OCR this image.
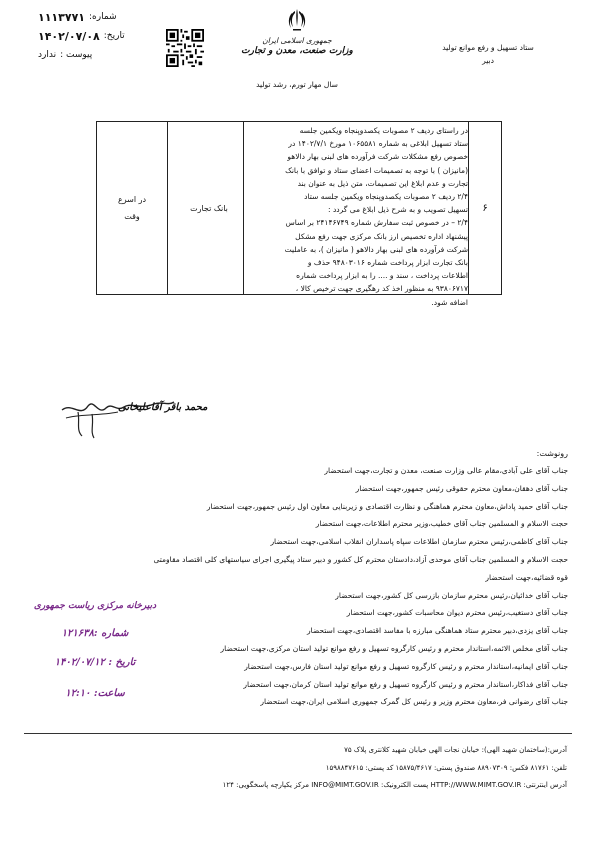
شماره:
۱۱۱۳۷۷۱
تاریخ:
۱۴۰۲/۰۷/۰۸
پیوست :
ندارد
جمهوری اسلامی ایران
وزارت صنعت، معدن و تجارت
سال مهار تورم، رشد تولید
ستاد تسهیل و رفع موانع تولید
دبیر
۶
در راستای ردیف ۲ مصوبات یکصدوپنجاه ویکمین جلسه
ستاد تسهیل ابلاغی به شماره ۱۰۶۵۵۸۱ مورخ ۱۴۰۲/۷/۱ در
خصوص رفع مشکلات شرکت فرآورده های لبنی بهار دالاهو
(مانیزان ) با توجه به تصمیمات اعضای ستاد و توافق با بانک
تجارت و عدم ابلاغ این تصمیمات، متن ذیل به عنوان بند
۲/۴ ردیف ۲ مصوبات یکصدوپنجاه ویکمین جلسه ستاد
تسهیل تصویب و به شرح ذیل ابلاغ می گردد :
۲/۴ – در خصوص ثبت سفارش شماره ۲۴۱۴۶۷۴۹ بر اساس
پیشنهاد اداره تخصیص ارز بانک مرکزی جهت رفع مشکل
شرکت فرآورده های لبنی بهار دالاهو ( مانیزان )، به عاملیت
بانک تجارت ابزار پرداخت شماره ۹۴۸۰۳۰۱۶ حذف و
اطلاعات پرداخت ، سند و .... را به ابزار پرداخت شماره
۹۳۸۰۶۷۱۷ به منظور اخذ کد رهگیری جهت ترخیص کالا ،
اضافه شود.
بانک تجارت
در اسرع
وقت
محمد باقر آقاعلیخانی
رونوشت:
جناب آقای علی آبادی،مقام عالی وزارت صنعت، معدن و تجارت،جهت استحضار
جناب آقای دهقان،معاون محترم حقوقی رئیس جمهور،جهت استحضار
جناب آقای حمید پاداش،معاون محترم هماهنگی و نظارت اقتصادی و زیربنایی معاون اول رئیس جمهور،جهت استحضار
حجت الاسلام و المسلمین جناب آقای خطیب،وزیر محترم اطلاعات،جهت استحضار
جناب آقای کاظمی،رئیس محترم سازمان اطلاعات سپاه پاسداران انقلاب اسلامی،جهت استحضار
حجت الاسلام و المسلمین جناب آقای موحدی آزاد،دادستان محترم کل کشور و دبیر ستاد پیگیری اجرای سیاستهای کلی اقتصاد مقاومتی
قوه قضائیه،جهت استحضار
جناب آقای خدائیان،رئیس محترم سازمان بازرسی کل کشور،جهت استحضار
جناب آقای دستغیب،رئیس محترم دیوان محاسبات کشور،جهت استحضار
جناب آقای یزدی،دبیر محترم ستاد هماهنگی مبارزه با مفاسد اقتصادی،جهت استحضار
جناب آقای مخلص الائمه،استاندار محترم و رئیس کارگروه تسهیل و رفع موانع تولید استان مرکزی،جهت استحضار
جناب آقای ایمانیه،استاندار محترم و رئیس کارگروه تسهیل و رفع موانع تولید استان فارس،جهت استحضار
جناب آقای فداکار،استاندار محترم و رئیس کارگروه تسهیل و رفع موانع تولید استان کرمان،جهت استحضار
جناب آقای رضوانی فر،معاون محترم وزیر و رئیس کل گمرک جمهوری اسلامی ایران،جهت استحضار
دبیرخانه مرکزی ریاست جمهوری
شماره :۱۲۱۶۳۸
تاریخ : ۱۴۰۲/۰۷/۱۲
ساعت: ۱۲:۱۰
آدرس:(ساختمان شهید الهی): خیابان نجات الهی خیابان شهید کلانتری پلاک ۷۵
تلفن: ۸۱۷۶۱ فکس: ۸۸۹۰۷۳۰۹ صندوق پستی: ۱۵۸۷۵/۴۶۱۷ کد پستی: ۱۵۹۸۸۴۷۶۱۵
آدرس اینترنتی: HTTP://WWW.MIMT.GOV.IR پست الکترونیک: INFO@MIMT.GOV.IR مرکز یکپارچه پاسخگویی: ۱۲۴
